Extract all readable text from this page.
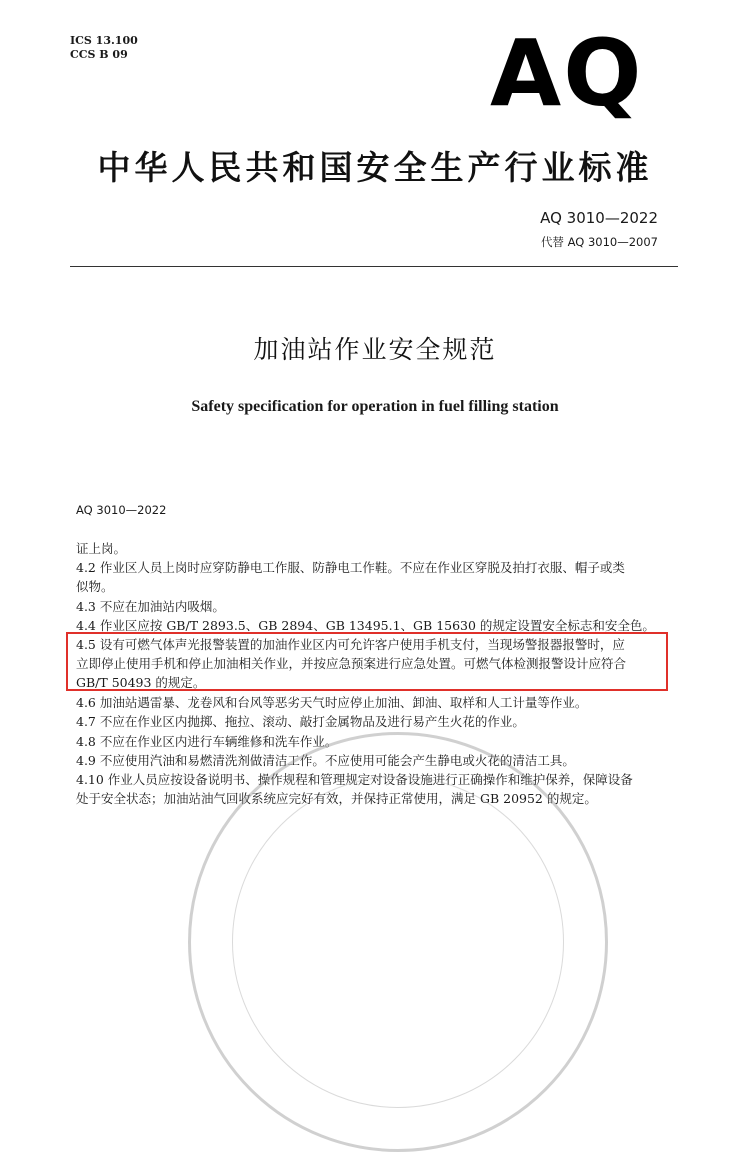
ICS 13.100
CCS B 09	AQ
中华人民共和国安全生产行业标准
AQ 3010—2022
代替 AQ 3010—2007
加油站作业安全规范
Safety specification for operation in fuel filling station
AQ 3010—2022
证上岗。
4.2 作业区人员上岗时应穿防静电工作服、防静电工作鞋。不应在作业区穿脱及拍打衣服、帽子或类
似物。
4.3 不应在加油站内吸烟。
4.4 作业区应按 GB/T 2893.5、GB 2894、GB 13495.1、GB 15630 的规定设置安全标志和安全色。
4.5 设有可燃气体声光报警装置的加油作业区内可允许客户使用手机支付，当现场警报器报警时，应
立即停止使用手机和停止加油相关作业，并按应急预案进行应急处置。可燃气体检测报警设计应符合
GB/T 50493 的规定。
4.6 加油站遇雷暴、龙卷风和台风等恶劣天气时应停止加油、卸油、取样和人工计量等作业。
4.7 不应在作业区内抛掷、拖拉、滚动、敲打金属物品及进行易产生火花的作业。
4.8 不应在作业区内进行车辆维修和洗车作业。
4.9 不应使用汽油和易燃清洗剂做清洁工作。不应使用可能会产生静电或火花的清洁工具。
4.10 作业人员应按设备说明书、操作规程和管理规定对设备设施进行正确操作和维护保养，保障设备
处于安全状态；加油站油气回收系统应完好有效，并保持正常使用，满足 GB 20952 的规定。
